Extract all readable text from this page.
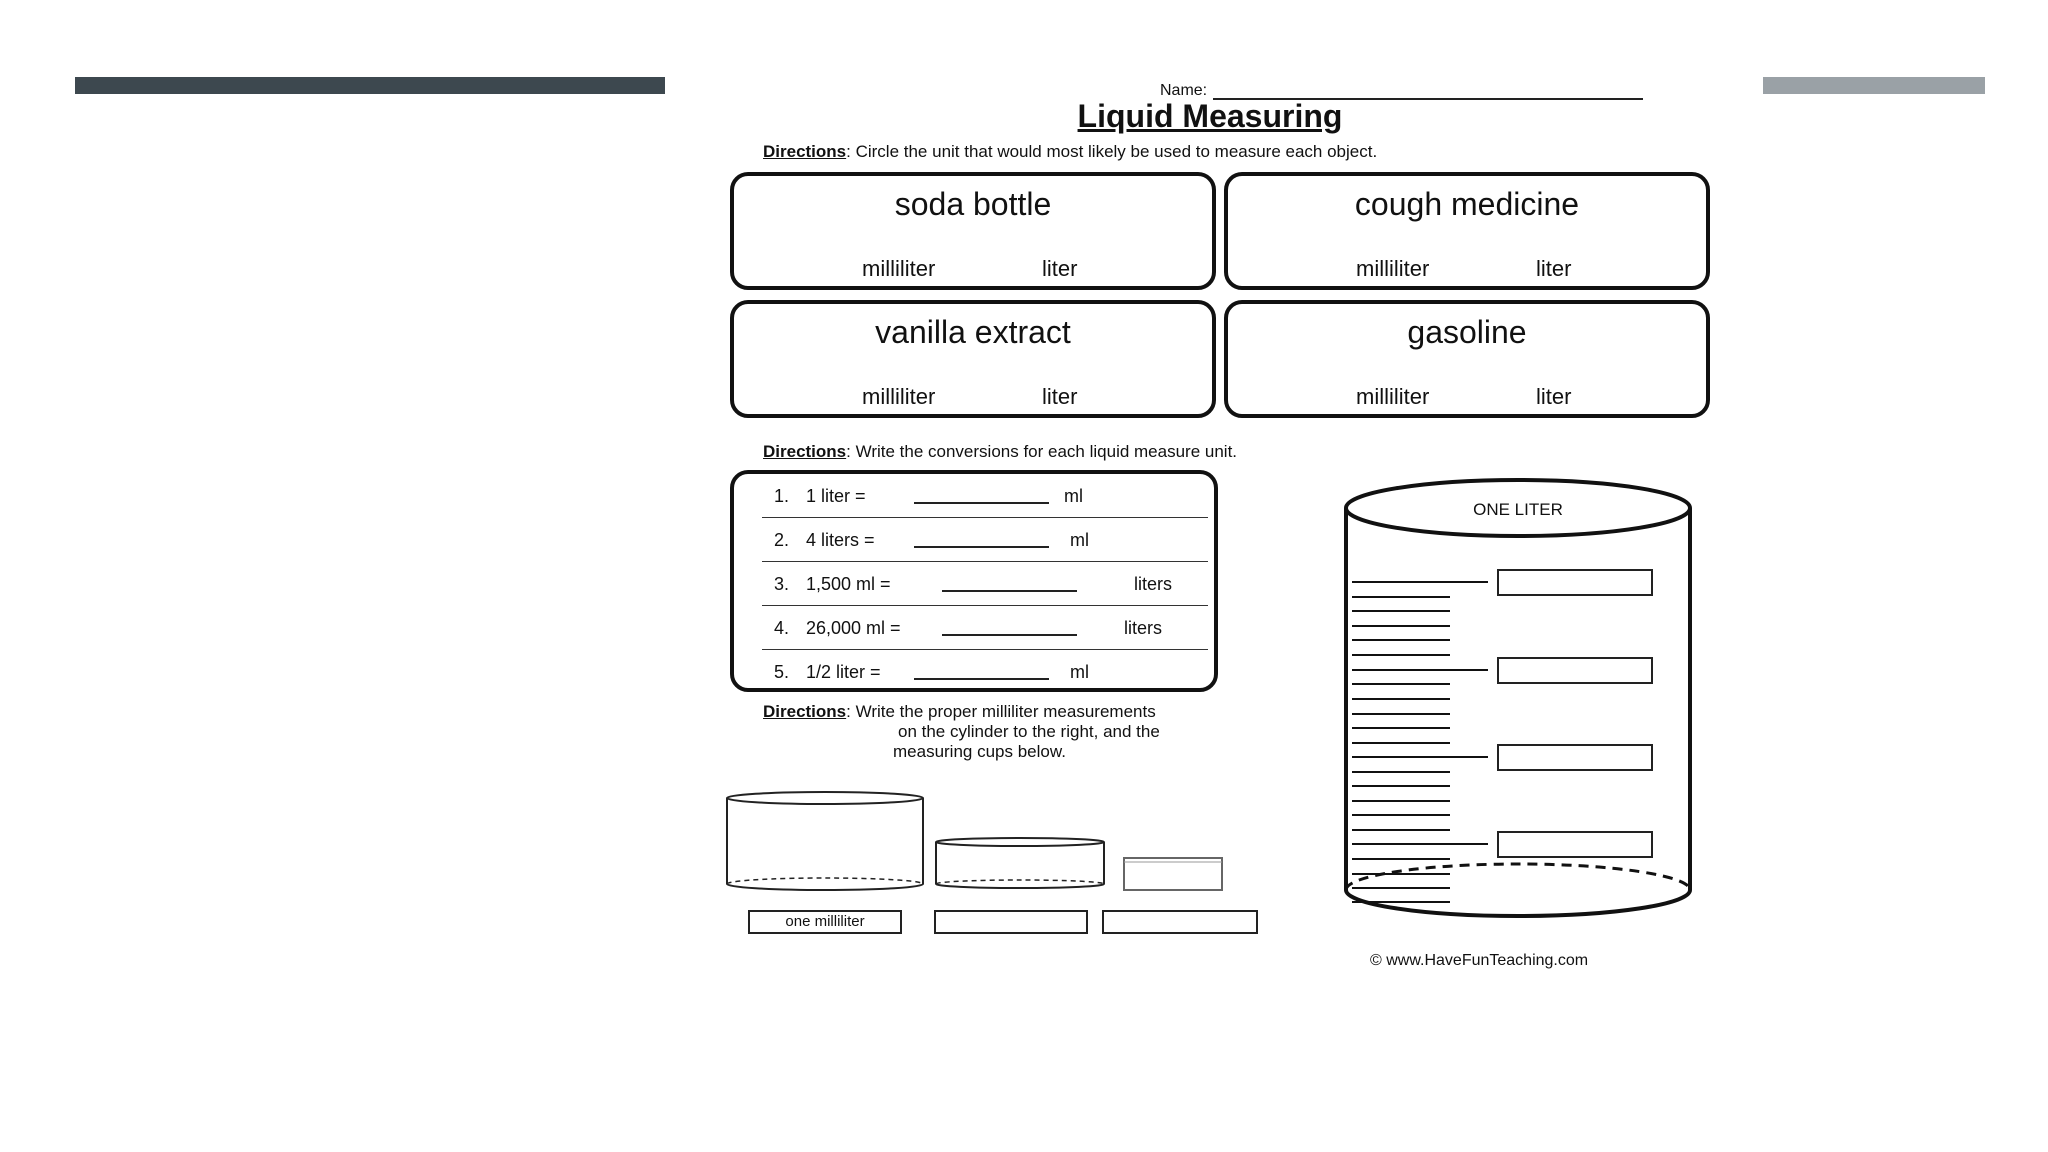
Name:
Liquid Measuring
Directions: Circle the unit that would most likely be used to measure each object.
soda bottle
milliliter	liter
cough medicine
milliliter	liter
vanilla extract
milliliter	liter
gasoline
milliliter	liter
Directions: Write the conversions for each liquid measure unit.
1. 1 liter =	ml
2. 4 liters =	ml
3. 1,500 ml =	liters
4. 26,000 ml =	liters
5. 1/2 liter =	ml
Directions: Write the proper milliliter measurements
on the cylinder to the right, and the
measuring cups below.
one milliliter
ONE LITER
© www.HaveFunTeaching.com
